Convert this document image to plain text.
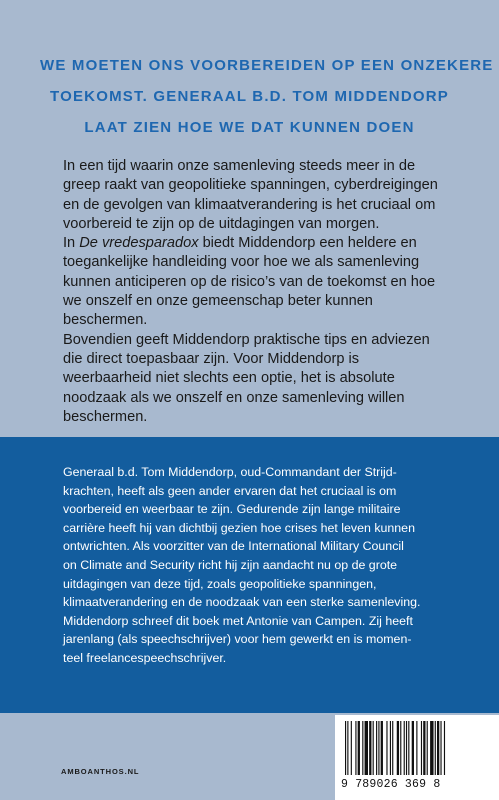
WE MOETEN ONS VOORBEREIDEN OP EEN ONZEKERE
TOEKOMST. GENERAAL B.D. TOM MIDDENDORP
LAAT ZIEN HOE WE DAT KUNNEN DOEN

In een tijd waarin onze samenleving steeds meer in de greep raakt van geopolitieke spanningen, cyberdreigingen en de gevolgen van klimaatverandering is het cruciaal om voorbereid te zijn op de uitdagingen van morgen.

In De vredesparadox biedt Middendorp een heldere en toegankelijke handleiding voor hoe we als samenleving kunnen anticiperen op de risico’s van de toekomst en hoe we onszelf en onze gemeenschap beter kunnen beschermen.

Bovendien geeft Middendorp praktische tips en adviezen die direct toepasbaar zijn. Voor Middendorp is weerbaarheid niet slechts een optie, het is absolute noodzaak als we onszelf en onze samenleving willen beschermen.

Generaal b.d. Tom Middendorp, oud-Commandant der Strijd-
krachten, heeft als geen ander ervaren dat het cruciaal is om
voorbereid en weerbaar te zijn. Gedurende zijn lange militaire
carrière heeft hij van dichtbij gezien hoe crises het leven kunnen
ontwrichten. Als voorzitter van de International Military Council
on Climate and Security richt hij zijn aandacht nu op de grote
uitdagingen van deze tijd, zoals geopolitieke spanningen,
klimaatverandering en de noodzaak van een sterke samenleving.
Middendorp schreef dit boek met Antonie van Campen. Zij heeft
jarenlang (als speechschrijver) voor hem gewerkt en is momen-
teel freelancespeechschrijver.
AMBOANTHOS.NL
9 789026 369 8
